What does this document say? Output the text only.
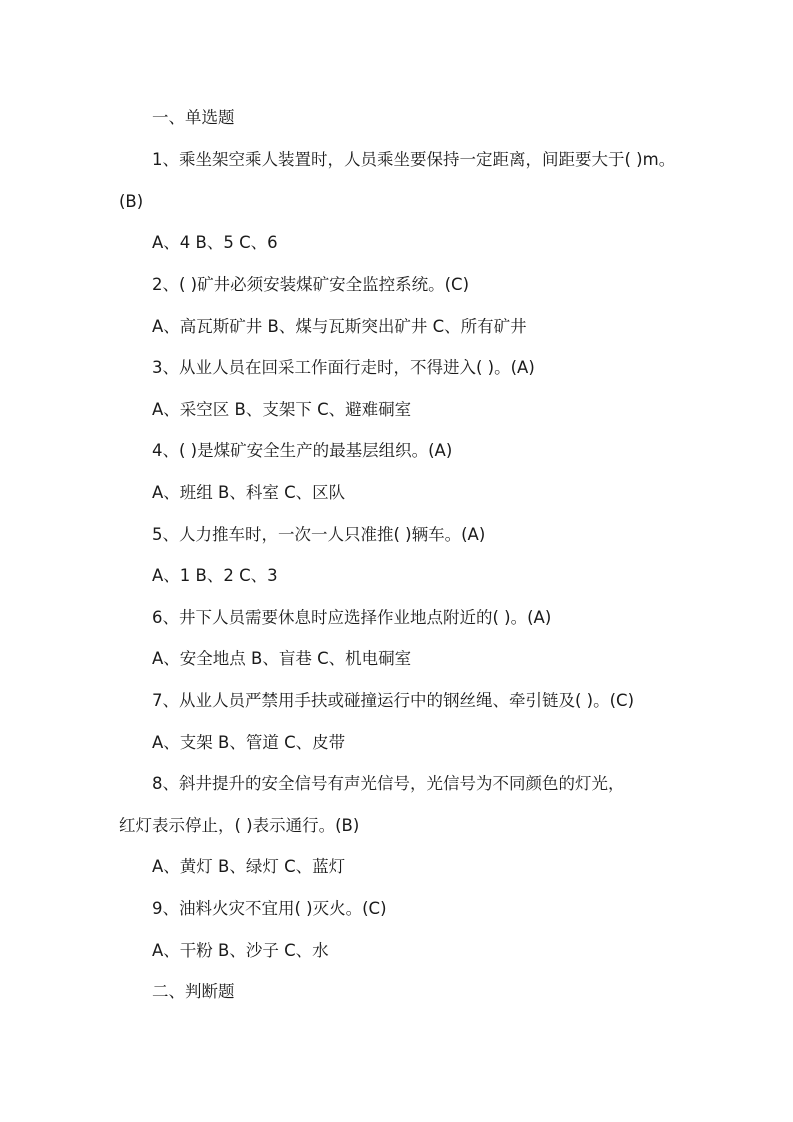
一、单选题
1、乘坐架空乘人装置时，人员乘坐要保持一定距离，间距要大于( )m。
(B)
A、4 B、5 C、6
2、( )矿井必须安装煤矿安全监控系统。(C)
A、高瓦斯矿井 B、煤与瓦斯突出矿井 C、所有矿井
3、从业人员在回采工作面行走时，不得进入( )。(A)
A、采空区 B、支架下 C、避难硐室
4、( )是煤矿安全生产的最基层组织。(A)
A、班组 B、科室 C、区队
5、人力推车时，一次一人只准推( )辆车。(A)
A、1 B、2 C、3
6、井下人员需要休息时应选择作业地点附近的( )。(A)
A、安全地点 B、盲巷 C、机电硐室
7、从业人员严禁用手扶或碰撞运行中的钢丝绳、牵引链及( )。(C)
A、支架 B、管道 C、皮带
8、斜井提升的安全信号有声光信号，光信号为不同颜色的灯光，
红灯表示停止，( )表示通行。(B)
A、黄灯 B、绿灯 C、蓝灯
9、油料火灾不宜用( )灭火。(C)
A、干粉 B、沙子 C、水
二、判断题
